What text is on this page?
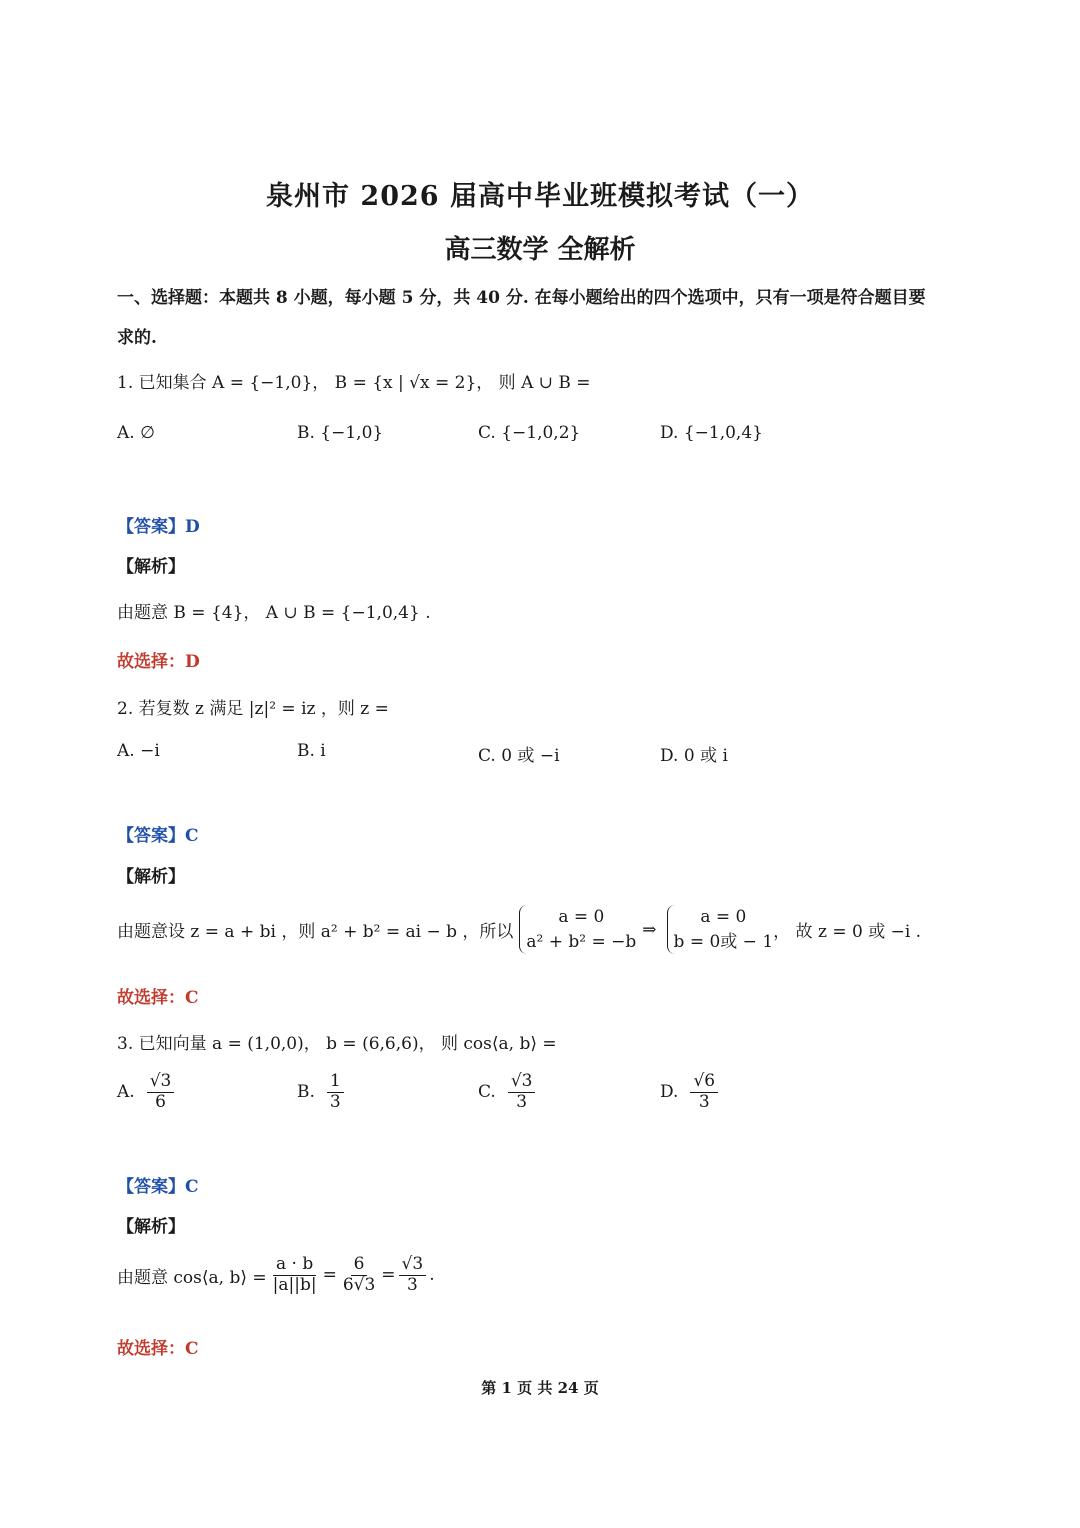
泉州市 2026 届高中毕业班模拟考试（一）
高三数学 全解析
一、选择题：本题共 8 小题，每小题 5 分，共 40 分. 在每小题给出的四个选项中，只有一项是符合题目要
求的.
1. 已知集合 A = {−1,0}， B = {x | √x = 2}， 则 A ∪ B =
A. ∅	B. {−1,0}	C. {−1,0,2}	D. {−1,0,4}
【答案】D
【解析】
由题意 B = {4}， A ∪ B = {−1,0,4} .
故选择：D
2. 若复数 z 满足 |z|² = iz ，则 z =
A. −i	B. i	C. 0 或 −i	D. 0 或 i
【答案】C
【解析】
由题意设 z = a + bi ，则 a² + b² = ai − b ，所以
a = 0
a² + b² = −b
⇒
a = 0
b = 0或 − 1 ， 故 z = 0 或 −i .
故选择：C
3. 已知向量 a = (1,0,0)， b = (6,6,6)， 则 cos⟨a, b⟩ =
A. $\frac{√3}{6}$	B. $\frac{1}{3}$	C. $\frac{√3}{3}$	D. $\frac{√6}{3}$
【答案】C
【解析】
由题意 cos⟨a, b⟩ = $\frac{a \cdot b}{|a||b|} = \frac{6}{6√3} = \frac{√3}{3}$ .
故选择：C
第 1 页 共 24 页
